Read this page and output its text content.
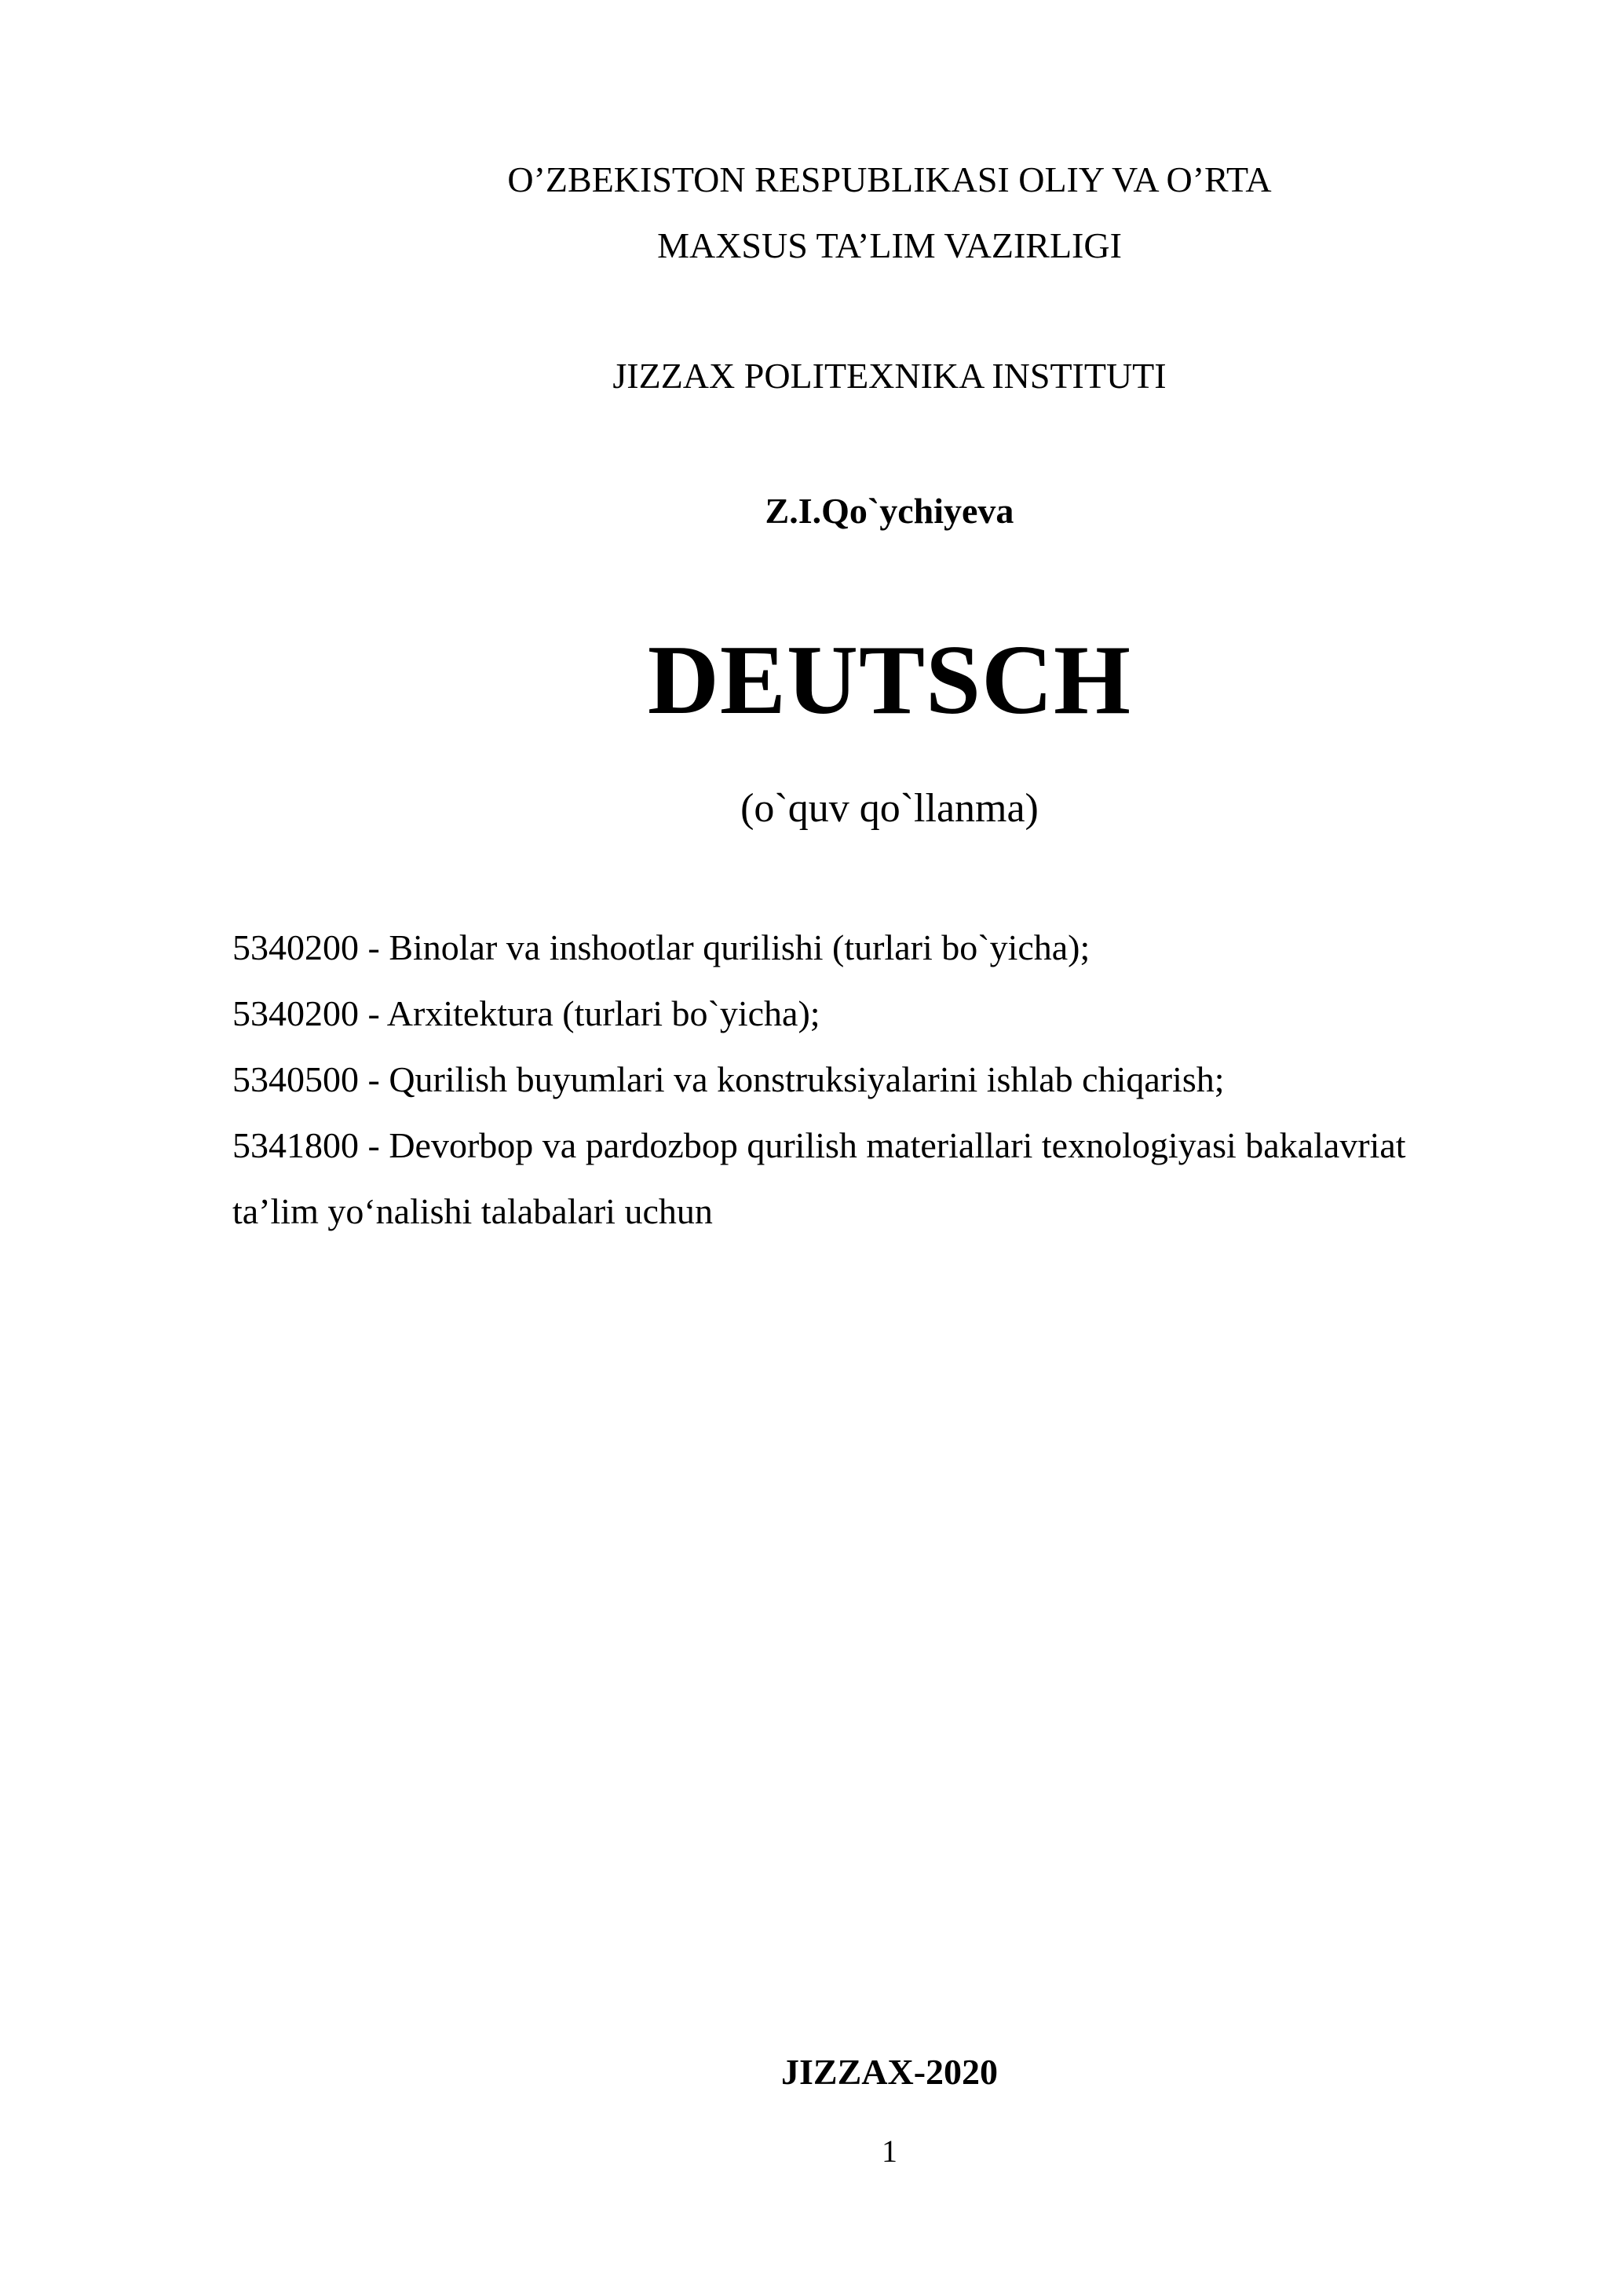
O’ZBEKISTON RESPUBLIKASI OLIY VA O’RTA
MAXSUS TA’LIM VAZIRLIGI
JIZZAX POLITEXNIKA INSTITUTI
Z.I.Qo`ychiyeva
DEUTSCH
(o`quv qo`llanma)
5340200 - Binolar va inshootlar qurilishi (turlari bo`yicha);
5340200 - Arxitektura (turlari bo`yicha);
5340500 - Qurilish buyumlari va konstruksiyalarini ishlab chiqarish;
5341800 - Devorbop va pardozbop qurilish materiallari texnologiyasi bakalavriat
ta’lim yo‘nalishi talabalari uchun
JIZZAX-2020
1
